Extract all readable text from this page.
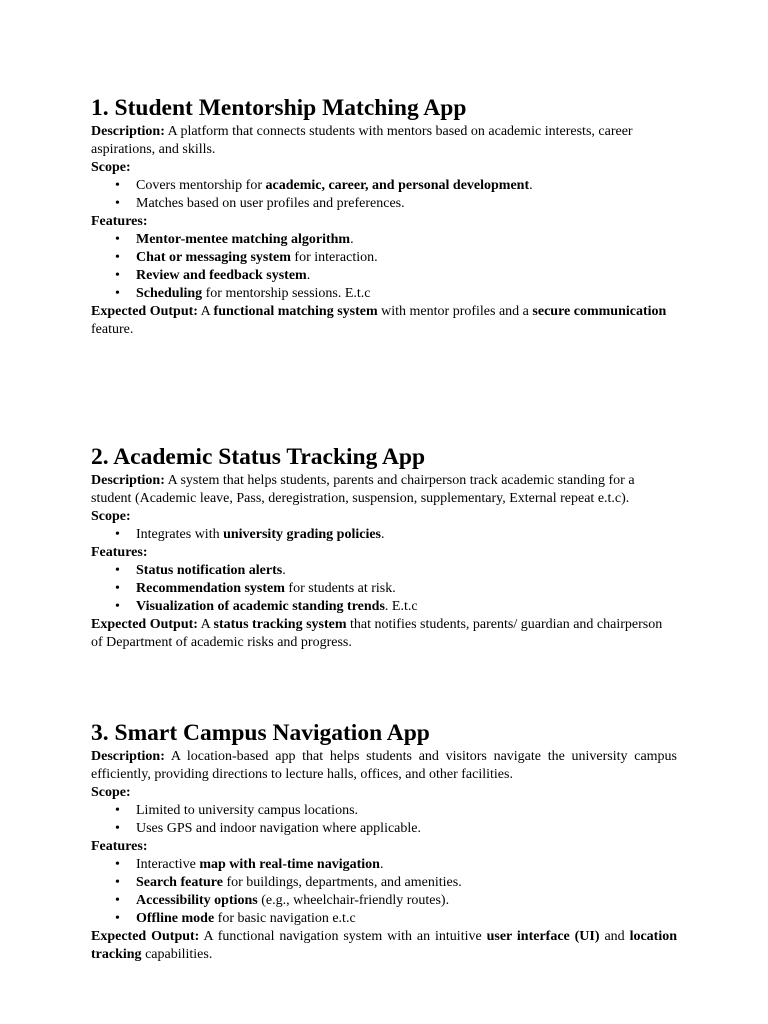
1. Student Mentorship Matching App

Description: A platform that connects students with mentors based on academic interests, career aspirations, and skills.

Scope:

• Covers mentorship for academic, career, and personal development.
• Matches based on user profiles and preferences.

Features:

• Mentor-mentee matching algorithm.
• Chat or messaging system for interaction.
• Review and feedback system.
• Scheduling for mentorship sessions. E.t.c

Expected Output: A functional matching system with mentor profiles and a secure communication feature.

2. Academic Status Tracking App

Description: A system that helps students, parents and chairperson track academic standing for a student (Academic leave, Pass, deregistration, suspension, supplementary, External repeat e.t.c).

Scope:

• Integrates with university grading policies.

Features:

• Status notification alerts.
• Recommendation system for students at risk.
• Visualization of academic standing trends. E.t.c

Expected Output: A status tracking system that notifies students, parents/ guardian and chairperson of Department of academic risks and progress.

3. Smart Campus Navigation App

Description: A location-based app that helps students and visitors navigate the university campus efficiently, providing directions to lecture halls, offices, and other facilities.

Scope:

• Limited to university campus locations.
• Uses GPS and indoor navigation where applicable.

Features:

• Interactive map with real-time navigation.
• Search feature for buildings, departments, and amenities.
• Accessibility options (e.g., wheelchair-friendly routes).
• Offline mode for basic navigation e.t.c

Expected Output: A functional navigation system with an intuitive user interface (UI) and location tracking capabilities.
